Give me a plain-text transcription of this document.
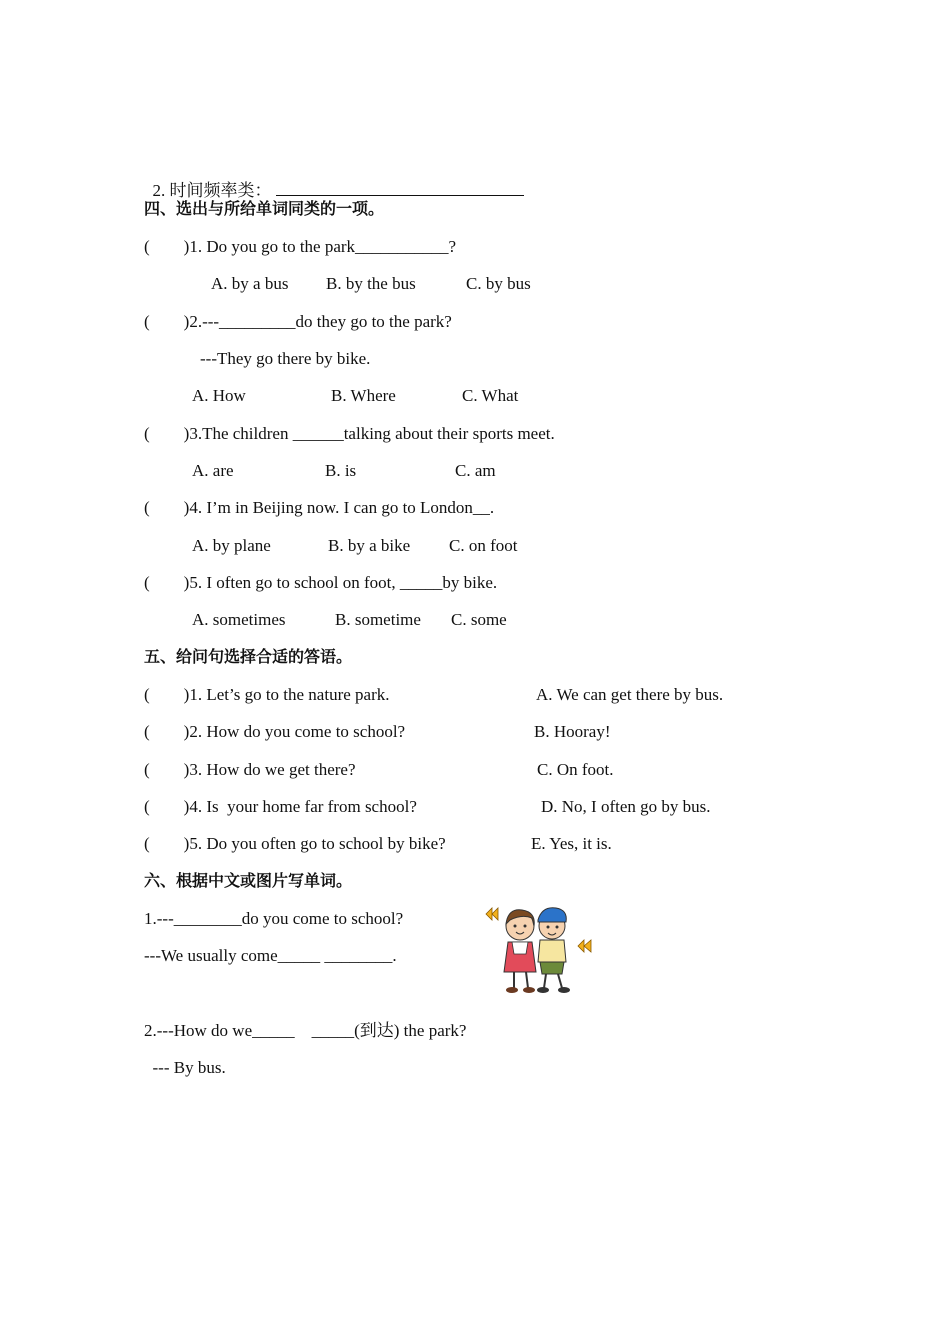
2. 时间频率类：

四、选出与所给单词同类的一项。
(        )1. Do you go to the park___________?
A. by a bus B. by the bus	C. by bus
(        )2.---_________do they go to the park?
---They go there by bike.
A. How	B. Where	C. What
(        )3.The children ______talking about their sports meet.
A. are	B. is	C. am
(        )4. I’m in Beijing now. I can go to London__.
A. by plane	B. by a bike C. on foot
(        )5. I often go to school on foot, _____by bike.
A. sometimes	B. sometime C. some
五、给问句选择合适的答语。
(        )1. Let’s go to the nature park.	A. We can get there by bus.
(        )2. How do you come to school?	B. Hooray!
(        )3. How do we get there?	C. On foot.
(        )4. Is  your home far from school?	D. No, I often go by bus.
(        )5. Do you often go to school by bike?	E. Yes, it is.
六、根据中文或图片写单词。
1.---________do you come to school?
---We usually come_____ ________.
2.---How do we_____    _____(到达) the park?
--- By bus.
